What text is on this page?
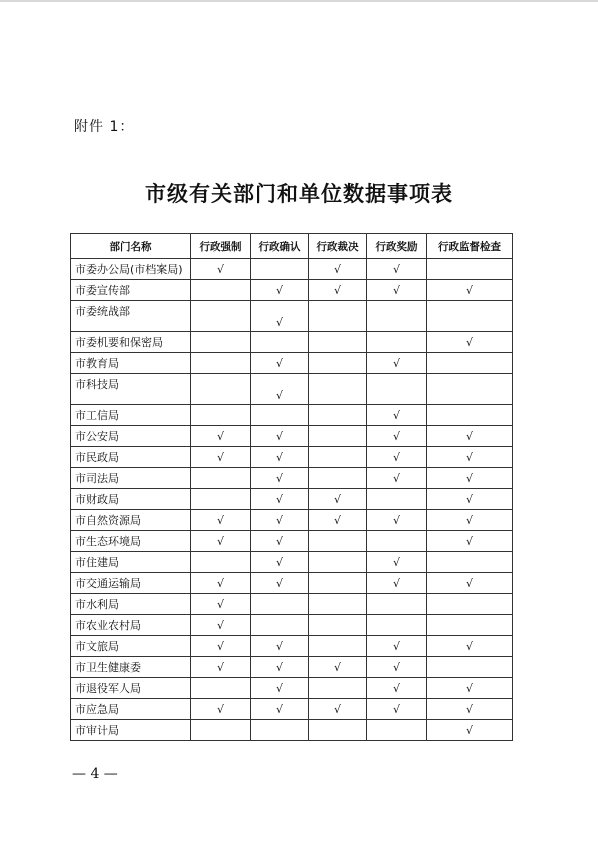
附件 1：
市级有关部门和单位数据事项表
部门名称	行政强制	行政确认	行政裁决	行政奖励	行政监督检查
市委办公局(市档案局)	√		√	√	
市委宣传部		√	√	√	√
市委统战部		√			
市委机要和保密局					√
市教育局		√		√	
市科技局		√			
市工信局				√	
市公安局	√	√		√	√
市民政局	√	√		√	√
市司法局		√		√	√
市财政局		√	√		√
市自然资源局	√	√	√	√	√
市生态环境局	√	√			√
市住建局		√		√	
市交通运输局	√	√		√	√
市水利局	√				
市农业农村局	√				
市文旅局	√	√		√	√
市卫生健康委	√	√	√	√	
市退役军人局		√		√	√
市应急局	√	√	√	√	√
市审计局					√
— 4 —
